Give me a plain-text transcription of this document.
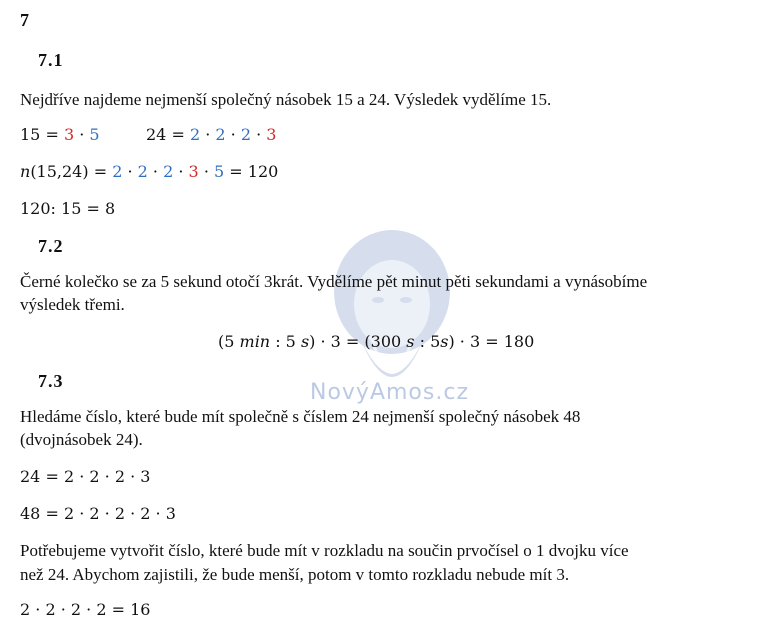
NovýAmos.cz
7
7.1
Nejdříve najdeme nejmenší společný násobek 15 a 24. Výsledek vydělíme 15.
15 = 3 · 5	24 = 2 · 2 · 2 · 3
n(15,24) = 2 · 2 · 2 · 3 · 5 = 120
120: 15 = 8
7.2
Černé kolečko se za 5 sekund otočí 3krát. Vydělíme pět minut pěti sekundami a vynásobíme
výsledek třemi.
(5 min : 5 s) · 3 = (300 s : 5s) · 3 = 180
7.3
Hledáme číslo, které bude mít společně s číslem 24 nejmenší společný násobek 48
(dvojnásobek 24).
24 = 2 · 2 · 2 · 3
48 = 2 · 2 · 2 · 2 · 3
Potřebujeme vytvořit číslo, které bude mít v rozkladu na součin prvočísel o 1 dvojku více
než 24. Abychom zajistili, že bude menší, potom v tomto rozkladu nebude mít 3.
2 · 2 · 2 · 2 = 16
